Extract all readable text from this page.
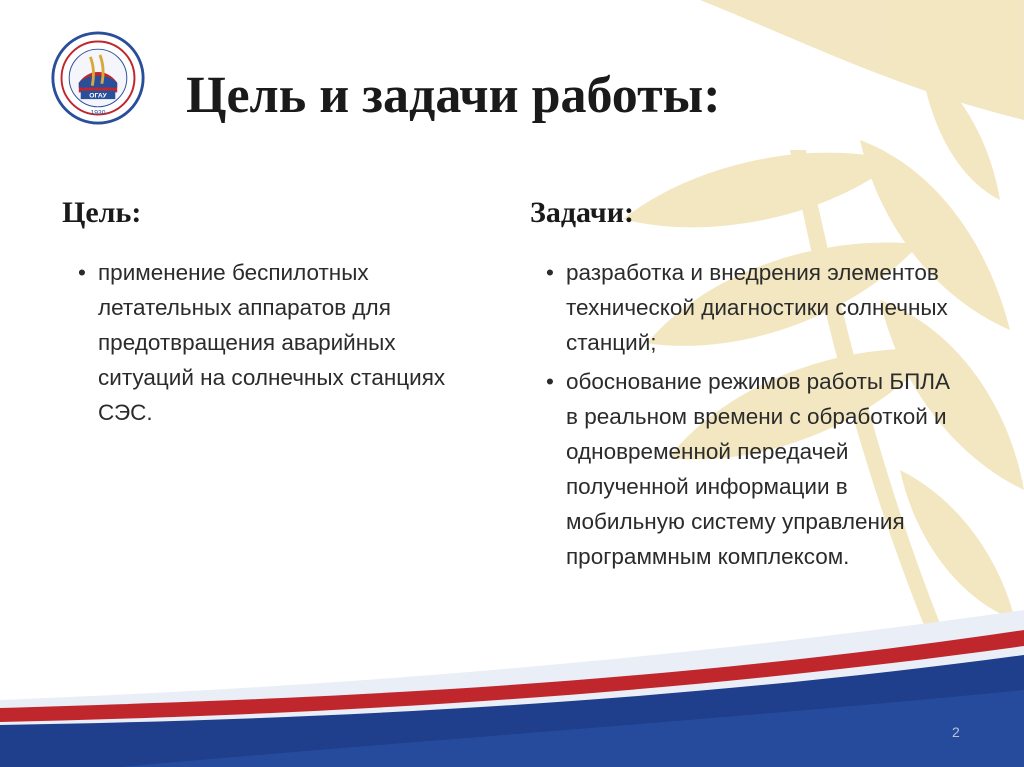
ОГАУ
1930 Цель и задачи работы:
Цель:
• применение беспилотных летательных аппаратов для предотвращения аварийных ситуаций на солнечных станциях СЭС.
Задачи:
• разработка и внедрения элементов технической диагностики солнечных станций;
• обоснование режимов работы БПЛА в реальном времени с обработкой и одновременной передачей полученной информации в мобильную систему управления программным комплексом.
2
